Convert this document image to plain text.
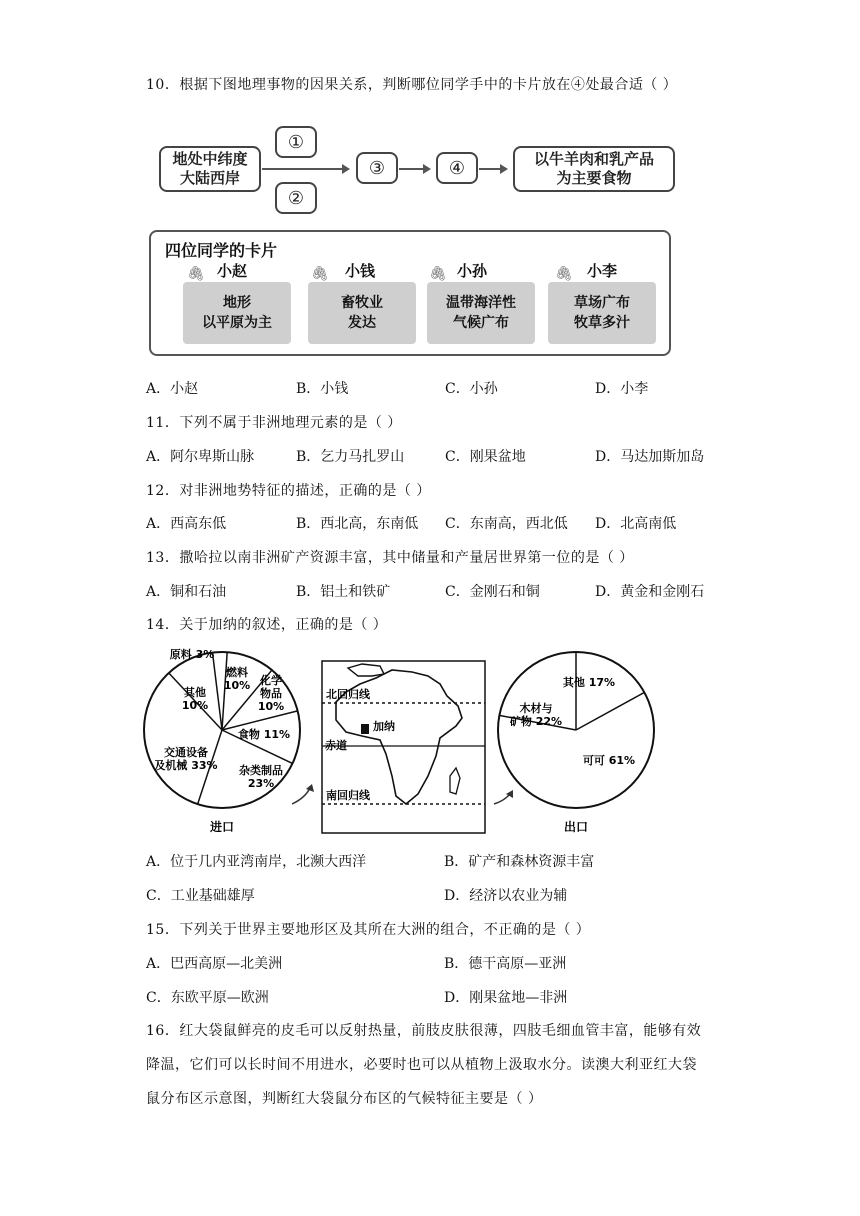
10．根据下图地理事物的因果关系，判断哪位同学手中的卡片放在④处最合适（ ）
地处中纬度
大陆西岸
①
②
③	④	以牛羊肉和乳产品
为主要食物
四位同学的卡片
🖇 小赵
地形
以平原为主
🖇 小钱
畜牧业
发达
🖇 小孙
温带海洋性
气候广布
🖇 小李
草场广布
牧草多汁
A．小赵	B．小钱	C．小孙	D．小李
11．下列不属于非洲地理元素的是（ ）
A．阿尔卑斯山脉	B．乞力马扎罗山	C．刚果盆地	D．马达加斯加岛
12．对非洲地势特征的描述，正确的是（ ）
A．西高东低	B．西北高，东南低 C．东南高，西北低 D．北高南低
13．撒哈拉以南非洲矿产资源丰富，其中储量和产量居世界第一位的是（ ）
A．铜和石油	B．铝土和铁矿	C．金刚石和铜	D．黄金和金刚石
14．关于加纳的叙述，正确的是（ ）
原料 3%
燃料 10% 化学物品 10%
食物 11%
杂类制品 23%
交通设备及机械 33%
其他 10%
进口
北回归线
加纳
赤道
南回归线
其他 17%
可可 61%
木材与矿物 22%
出口
A．位于几内亚湾南岸，北濒大西洋	B．矿产和森林资源丰富
C．工业基础雄厚	D．经济以农业为辅
15．下列关于世界主要地形区及其所在大洲的组合，不正确的是（ ）
A．巴西高原—北美洲	B．德干高原—亚洲
C．东欧平原—欧洲	D．刚果盆地—非洲
16．红大袋鼠鲜亮的皮毛可以反射热量，前肢皮肤很薄，四肢毛细血管丰富，能够有效
降温，它们可以长时间不用进水，必要时也可以从植物上汲取水分。读澳大利亚红大袋
鼠分布区示意图，判断红大袋鼠分布区的气候特征主要是（ ）
